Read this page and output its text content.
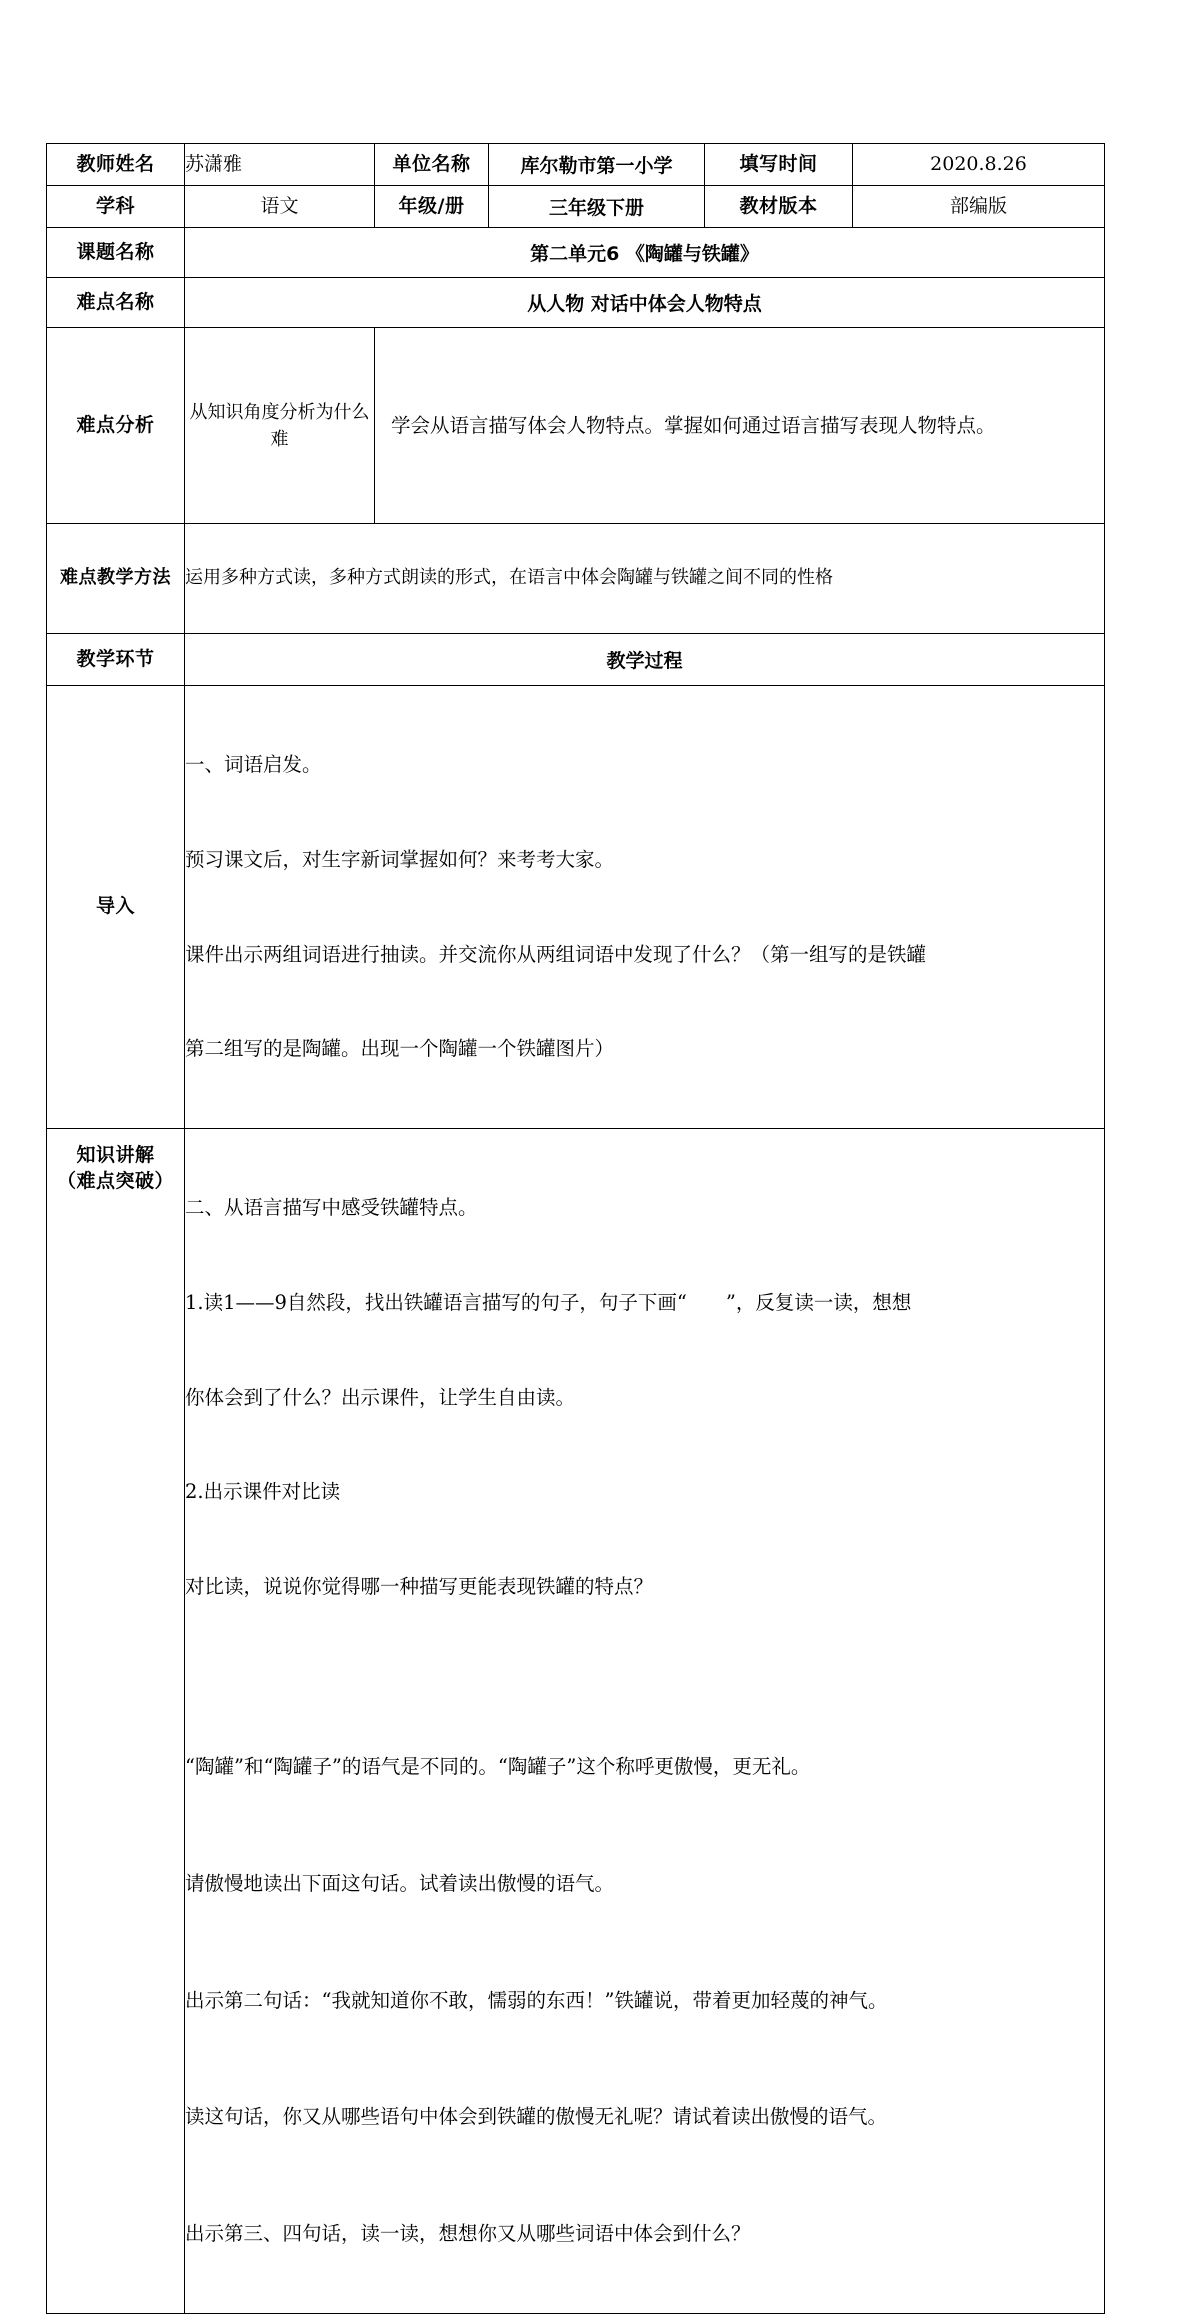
教师姓名	苏潇雅	单位名称	库尔勒市第一小学	填写时间	2020.8.26
学科	语文	年级/册	三年级下册	教材版本	部编版
课题名称	第二单元6 《陶罐与铁罐》				
难点名称	从人物 对话中体会人物特点				
难点分析	从知识角度分析为什么难	学会从语言描写体会人物特点。掌握如何通过语言描写表现人物特点。			
难点教学方法	运用多种方式读，多种方式朗读的形式，在语言中体会陶罐与铁罐之间不同的性格				
教学环节	教学过程				
导入	一、词语启发。

预习课文后，对生字新词掌握如何？来考考大家。

课件出示两组词语进行抽读。并交流你从两组词语中发现了什么？（第一组写的是铁罐

第二组写的是陶罐。出现一个陶罐一个铁罐图片）				

知识讲解
（难点突破）

二、从语言描写中感受铁罐特点。

1.读1——9自然段，找出铁罐语言描写的句子，句子下画“　　”，反复读一读，想想

你体会到了什么？出示课件，让学生自由读。

2.出示课件对比读

对比读，说说你觉得哪一种描写更能表现铁罐的特点？

“陶罐”和“陶罐子”的语气是不同的。“陶罐子”这个称呼更傲慢，更无礼。

请傲慢地读出下面这句话。试着读出傲慢的语气。

出示第二句话：“我就知道你不敢，懦弱的东西！”铁罐说，带着更加轻蔑的神气。

读这句话，你又从哪些语句中体会到铁罐的傲慢无礼呢？请试着读出傲慢的语气。

出示第三、四句话，读一读，想想你又从哪些词语中体会到什么？
